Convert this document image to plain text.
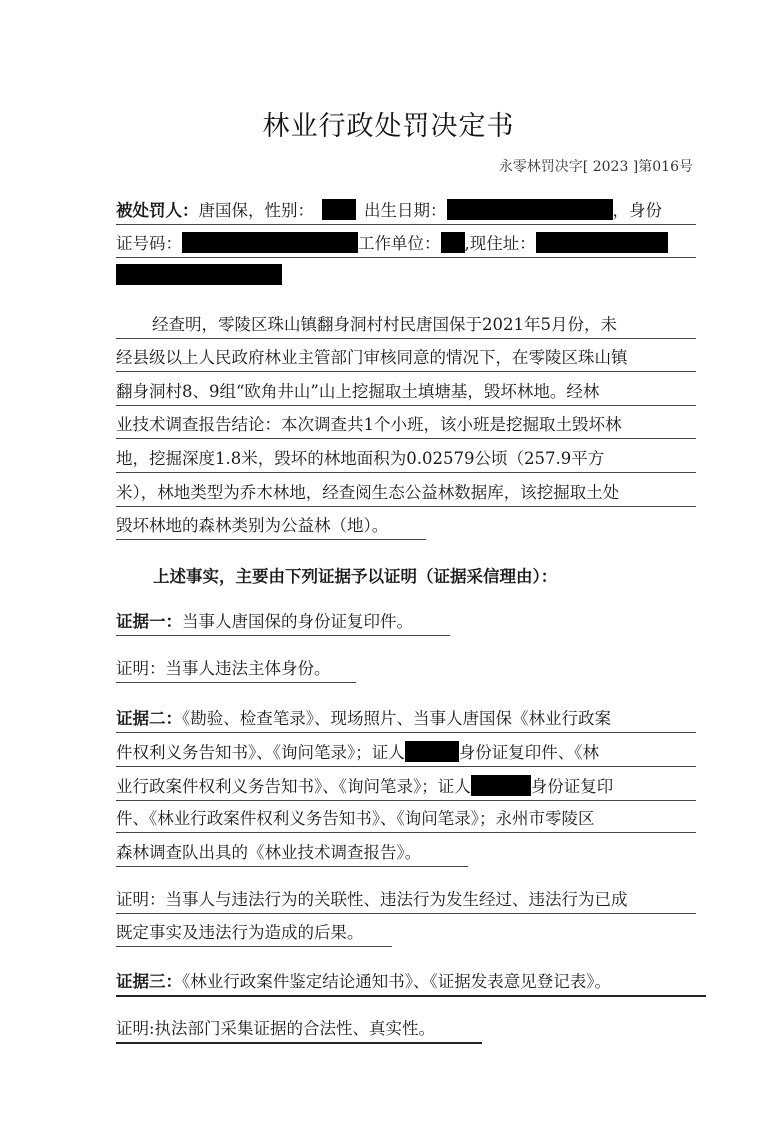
林业行政处罚决定书
永零林罚决字[ 2023 ]第016号
被处罚人：唐国保，性别：	出生日期：	，身份
证号码：	工作单位： ,现住址：
经查明，零陵区珠山镇翻身洞村村民唐国保于2021年5月份，未
经县级以上人民政府林业主管部门审核同意的情况下，在零陵区珠山镇
翻身洞村8、9组“欧角井山”山上挖掘取土填塘基，毁坏林地。经林
业技术调查报告结论：本次调查共1个小班，该小班是挖掘取土毁坏林
地，挖掘深度1.8米，毁坏的林地面积为0.02579公顷（257.9平方
米），林地类型为乔木林地，经查阅生态公益林数据库，该挖掘取土处
毁坏林地的森林类别为公益林（地）。
上述事实，主要由下列证据予以证明（证据采信理由）：
证据一：当事人唐国保的身份证复印件。
证明：当事人违法主体身份。
证据二：《勘验、检查笔录》、现场照片、当事人唐国保《林业行政案
件权利义务告知书》、《询问笔录》；证人	身份证复印件、《林
业行政案件权利义务告知书》、《询问笔录》；证人	身份证复印
件、《林业行政案件权利义务告知书》、《询问笔录》；永州市零陵区
森林调查队出具的《林业技术调查报告》。
证明：当事人与违法行为的关联性、违法行为发生经过、违法行为已成
既定事实及违法行为造成的后果。
证据三：《林业行政案件鉴定结论通知书》、《证据发表意见登记表》。
证明:执法部门采集证据的合法性、真实性。
